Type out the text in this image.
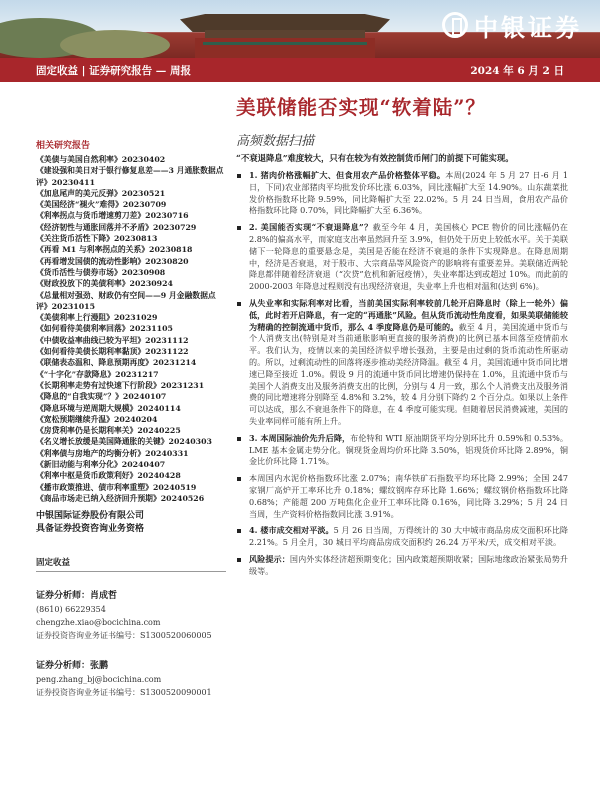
中银证券
固定收益 | 证券研究报告 — 周报	2024 年 6 月 2 日
美联储能否实现“软着陆”？
高频数据扫描
相关研究报告
《美债与美国自然利率》20230402
《建设强和美日对于银行修复息差——3 月通胀数据点评》20230411
《加息尾声的美元反弹》20230521
《美国经济“褪火”难得》20230709
《利率拐点与货币增速剪刀差》20230716
《经济韧性与通胀回落并不矛盾》20230729
《关注货币活性下降》20230813
《再看 M1 与利率拐点的关系》20230818
《再看增发国债的流动性影响》20230820
《货币活性与债券市场》20230908
《财政投放下的美债利率》20230924
《总量相对强劲、财政仍有空间——9 月金融数据点评》20231015
《美债利率上行漫阻》20231029
《如何看待美债利率回落》20231105
《中债收益率曲线已较为平坦》20231112
《如何看待美债长期利率黏顶》20231122
《联储表态温和、降息预期再度》20231214
《“十字化”存款降息》20231217
《长期利率走势有过快速下行阶段》20231231
《降息的“自我实现”？》20240107
《降息环境与逆周期大规模》20240114
《宽松预期继续升温》20240204
《房贷利率仍是长期利率关》20240225
《名义增长放缓是美国降通胀的关键》20240303
《利率债与房地产的均衡分析》20240331
《新旧动能与利率分化》20240407
《利率中枢是货币政策利好》20240428
《播市政策推进、债市利率重塑》20240519
《商品市场走已纳入经济回升预期》20240526
中银国际证券股份有限公司
具备证券投资咨询业务资格
固定收益
证券分析师：肖成哲
(8610) 66229354
chengzhe.xiao@bocichina.com
证券投资咨询业务证书编号：S1300520060005
证券分析师：张鹏
peng.zhang_bj@bocichina.com
证券投资咨询业务证书编号：S1300520090001
“不衰退降息”难度较大，只有在较为有效控制货币闸门的前提下可能实现。
1. 猪肉价格涨幅扩大、但食用农产品价格整体平稳。本周(2024 年 5 月 27 日-6 月 1 日，下同)农业部猪肉平均批发价环比涨 6.03%，同比涨幅扩大至 14.90%。山东蔬菜批发价格指数环比降 9.59%，同比降幅扩大至 22.02%。5 月 24 日当周，食用农产品价格指数环比降 0.70%，同比降幅扩大至 6.36%。
2. 美国能否实现“不衰退降息”？截至今年 4 月，美国核心 PCE 物价的同比涨幅仍在 2.8%的偏高水平，而家庭支出率虽然回升至 3.9%，但仍处于历史上较低水平。关于美联储下一轮降息的重要悬念是，美国是否能在经济不衰退的条件下实现降息。在降息周期中，经济是否衰退，对于股市、大宗商品等风险资产的影响将有重要差异。美联储近两轮降息都伴随着经济衰退（“次贷”危机和新冠疫情），失业率都达到或超过 10%。而此前的 2000-2003 年降息过程则没有出现经济衰退，失业率上升也相对温和(达到 6%)。
从失业率和实际利率对比看，当前美国实际利率较前几轮开启降息时（除上一轮外）偏低，此时若开启降息，有一定的“再通胀”风险。但从货币流动性角度看，如果美联储能较为精确的控制流通中货币，那么 4 季度降息仍是可能的。截至 4 月，美国流通中货币与个人消费支出(特别是对当前通胀影响更直接的服务消费)的比例已基本回落至疫情前水平。我们认为，疫情以来的美国经济似乎增长强劲，主要是由过剩的货币流动性所驱动的。所以，过剩流动性的回落将逐步推动美经济降温。截至 4 月，美国流通中货币同比增速已降至接近 1.0%。假设 9 月的流通中货币同比增速仍保持在 1.0%，且流通中货币与美国个人消费支出及服务消费支出的比例，分别与 4 月一致，那么个人消费支出及服务消费的同比增速将分别降至 4.8%和 3.2%，较 4 月分别下降约 2 个百分点。如果以上条件可以达成，那么不衰退条件下的降息，在 4 季度可能实现。但随着居民消费减速，美国的失业率同样可能有所上升。
3. 本周国际油价先升后降，布伦特和 WTI 原油期货平均分别环比升 0.59%和 0.53%。LME 基本金属走势分化。铜现货金周均价环比降 3.50%，铝现货价环比降 2.89%，铜金比价环比降 1.71%。
本周国内水泥价格指数环比涨 2.07%；南华铁矿石指数平均环比降 2.99%；全国 247 家钢厂高炉开工率环比升 0.18%；螺纹钢库存环比降 1.66%；螺纹钢价格指数环比降 0.68%；产能超 200 万吨焦化企业开工率环比降 0.16%，同比降 3.29%；5 月 24 日当周，生产资料价格指数同比涨 3.91%。
4. 楼市成交相对平淡。5 月 26 日当周，万得统计的 30 大中城市商品房成交面积环比降 2.21%。5 月全月，30 城日平均商品房成交面积约 26.24 万平米/天，成交相对平淡。
风险提示：国内外实体经济超预期变化；国内政策超预期收紧；国际地缘政治紧张局势升级等。
